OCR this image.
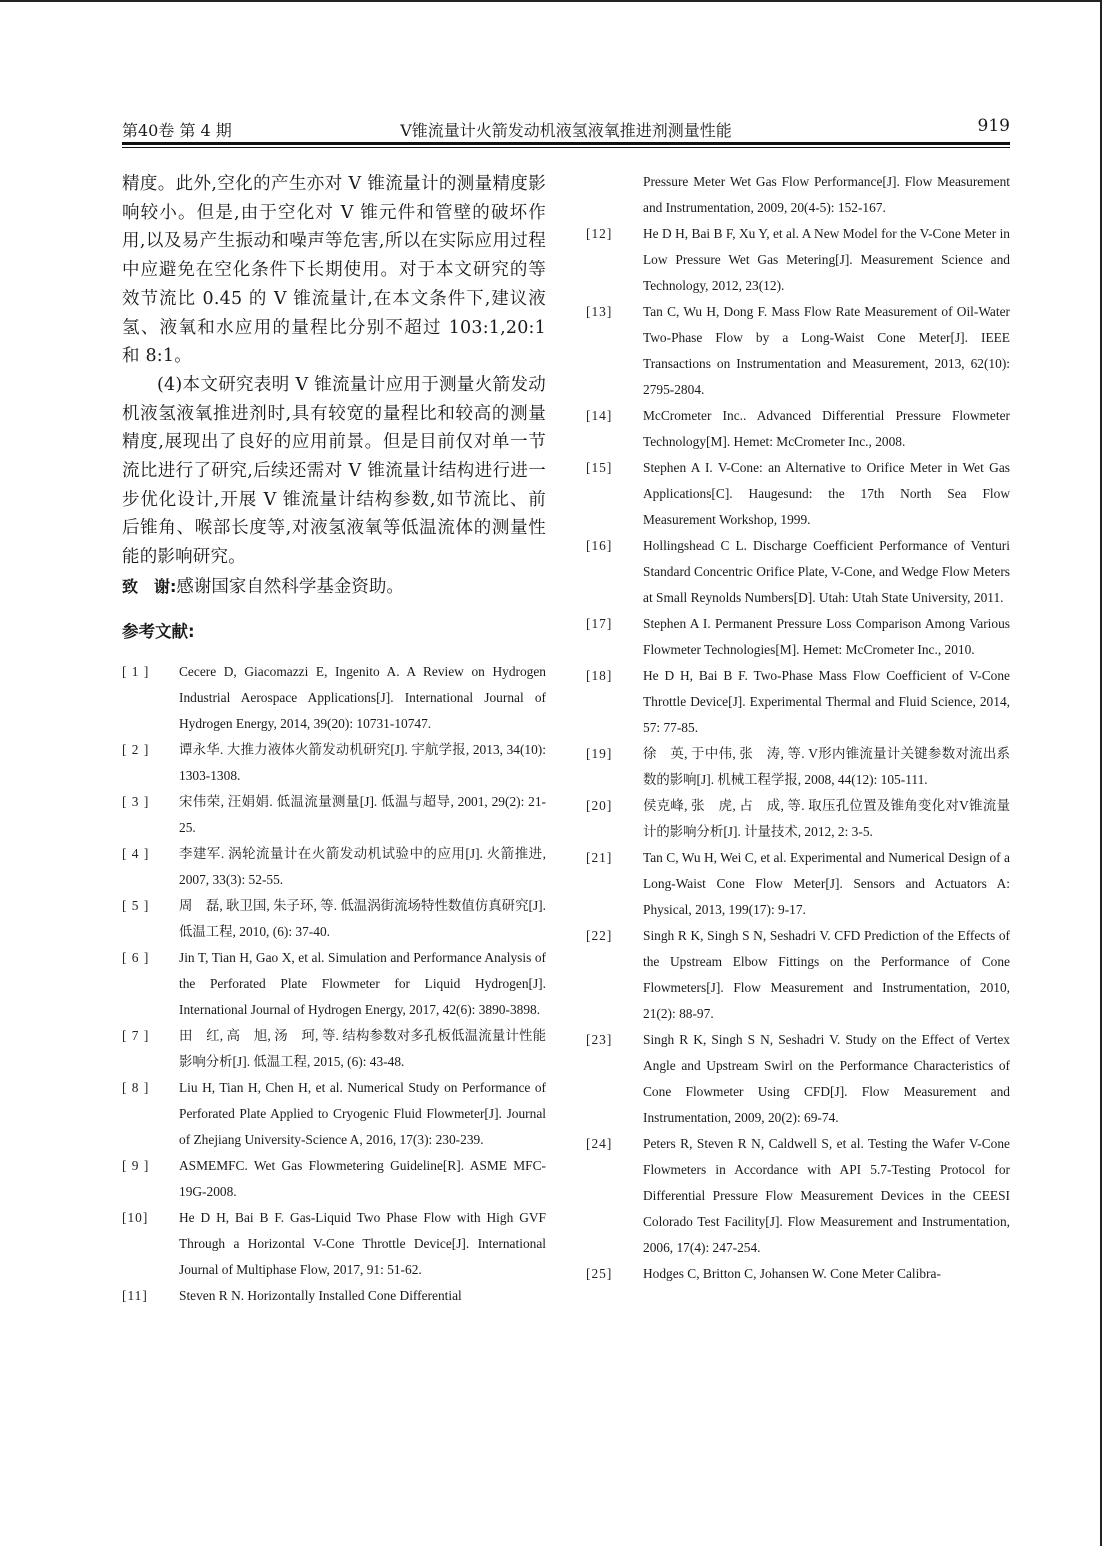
第40卷 第 4 期	V锥流量计火箭发动机液氢液氧推进剂测量性能	919

精度。此外,空化的产生亦对 V 锥流量计的测量精度影响较小。但是,由于空化对 V 锥元件和管壁的破坏作用,以及易产生振动和噪声等危害,所以在实际应用过程中应避免在空化条件下长期使用。对于本文研究的等效节流比 0.45 的 V 锥流量计,在本文条件下,建议液氢、液氧和水应用的量程比分别不超过 103:1,20:1 和 8:1。

(4)本文研究表明 V 锥流量计应用于测量火箭发动机液氢液氧推进剂时,具有较宽的量程比和较高的测量精度,展现出了良好的应用前景。但是目前仅对单一节流比进行了研究,后续还需对 V 锥流量计结构进行进一步优化设计,开展 V 锥流量计结构参数,如节流比、前后锥角、喉部长度等,对液氢液氧等低温流体的测量性能的影响研究。

致　谢:感谢国家自然科学基金资助。
参考文献:
[ 1 ]	Cecere D, Giacomazzi E, Ingenito A. A Review on Hydrogen Industrial Aerospace Applications[J]. International Journal of Hydrogen Energy, 2014, 39(20): 10731-10747.
[ 2 ]	谭永华. 大推力液体火箭发动机研究[J]. 宇航学报, 2013, 34(10): 1303-1308.
[ 3 ]	宋伟荣, 汪娟娟. 低温流量测量[J]. 低温与超导, 2001, 29(2): 21-25.
[ 4 ]	李建军. 涡轮流量计在火箭发动机试验中的应用[J]. 火箭推进, 2007, 33(3): 52-55.
[ 5 ]	周　磊, 耿卫国, 朱子环, 等. 低温涡街流场特性数值仿真研究[J]. 低温工程, 2010, (6): 37-40.
[ 6 ]	Jin T, Tian H, Gao X, et al. Simulation and Performance Analysis of the Perforated Plate Flowmeter for Liquid Hydrogen[J]. International Journal of Hydrogen Energy, 2017, 42(6): 3890-3898.
[ 7 ]	田　红, 高　旭, 汤　珂, 等. 结构参数对多孔板低温流量计性能影响分析[J]. 低温工程, 2015, (6): 43-48.
[ 8 ]	Liu H, Tian H, Chen H, et al. Numerical Study on Performance of Perforated Plate Applied to Cryogenic Fluid Flowmeter[J]. Journal of Zhejiang University-Science A, 2016, 17(3): 230-239.
[ 9 ]	ASMEMFC. Wet Gas Flowmetering Guideline[R]. ASME MFC-19G-2008.
[10]	He D H, Bai B F. Gas-Liquid Two Phase Flow with High GVF Through a Horizontal V-Cone Throttle Device[J]. International Journal of Multiphase Flow, 2017, 91: 51-62.
[11]	Steven R N. Horizontally Installed Cone Differential
Pressure Meter Wet Gas Flow Performance[J]. Flow Measurement and Instrumentation, 2009, 20(4-5): 152-167.
[12]	He D H, Bai B F, Xu Y, et al. A New Model for the V-Cone Meter in Low Pressure Wet Gas Metering[J]. Measurement Science and Technology, 2012, 23(12).
[13]	Tan C, Wu H, Dong F. Mass Flow Rate Measurement of Oil-Water Two-Phase Flow by a Long-Waist Cone Meter[J]. IEEE Transactions on Instrumentation and Measurement, 2013, 62(10): 2795-2804.
[14]	McCrometer Inc.. Advanced Differential Pressure Flowmeter Technology[M]. Hemet: McCrometer Inc., 2008.
[15]	Stephen A I. V-Cone: an Alternative to Orifice Meter in Wet Gas Applications[C]. Haugesund: the 17th North Sea Flow Measurement Workshop, 1999.
[16]	Hollingshead C L. Discharge Coefficient Performance of Venturi Standard Concentric Orifice Plate, V-Cone, and Wedge Flow Meters at Small Reynolds Numbers[D]. Utah: Utah State University, 2011.
[17]	Stephen A I. Permanent Pressure Loss Comparison Among Various Flowmeter Technologies[M]. Hemet: McCrometer Inc., 2010.
[18]	He D H, Bai B F. Two-Phase Mass Flow Coefficient of V-Cone Throttle Device[J]. Experimental Thermal and Fluid Science, 2014, 57: 77-85.
[19]	徐　英, 于中伟, 张　涛, 等. V形内锥流量计关键参数对流出系数的影响[J]. 机械工程学报, 2008, 44(12): 105-111.
[20]	侯克峰, 张　虎, 占　成, 等. 取压孔位置及锥角变化对V锥流量计的影响分析[J]. 计量技术, 2012, 2: 3-5.
[21]	Tan C, Wu H, Wei C, et al. Experimental and Numerical Design of a Long-Waist Cone Flow Meter[J]. Sensors and Actuators A: Physical, 2013, 199(17): 9-17.
[22]	Singh R K, Singh S N, Seshadri V. CFD Prediction of the Effects of the Upstream Elbow Fittings on the Performance of Cone Flowmeters[J]. Flow Measurement and Instrumentation, 2010, 21(2): 88-97.
[23]	Singh R K, Singh S N, Seshadri V. Study on the Effect of Vertex Angle and Upstream Swirl on the Performance Characteristics of Cone Flowmeter Using CFD[J]. Flow Measurement and Instrumentation, 2009, 20(2): 69-74.
[24]	Peters R, Steven R N, Caldwell S, et al. Testing the Wafer V-Cone Flowmeters in Accordance with API 5.7-Testing Protocol for Differential Pressure Flow Measurement Devices in the CEESI Colorado Test Facility[J]. Flow Measurement and Instrumentation, 2006, 17(4): 247-254.
[25]	Hodges C, Britton C, Johansen W. Cone Meter Calibra-
